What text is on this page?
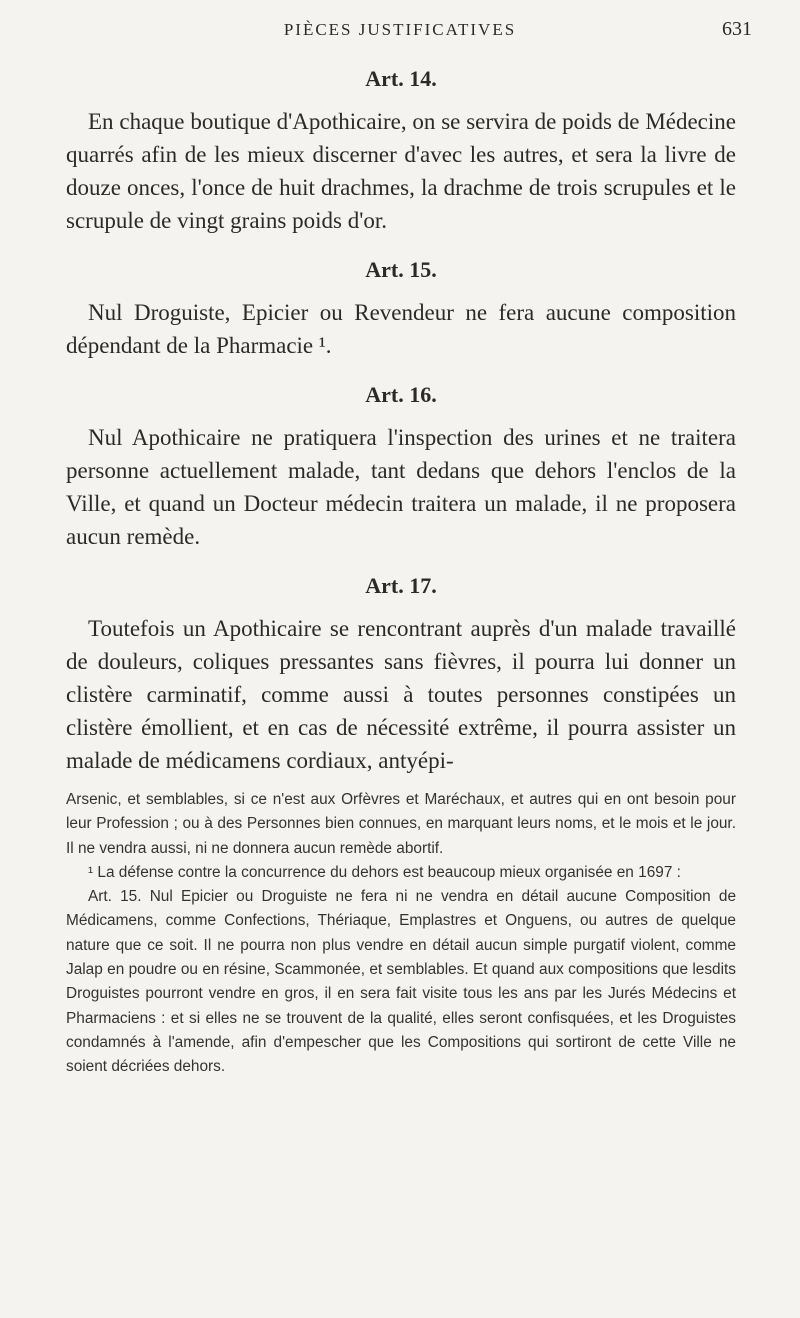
PIÈCES JUSTIFICATIVES	631
Art. 14.

En chaque boutique d'Apothicaire, on se servira de poids de Médecine quarrés afin de les mieux discerner d'avec les autres, et sera la livre de douze onces, l'once de huit drachmes, la drachme de trois scrupules et le scrupule de vingt grains poids d'or.

Art. 15.

Nul Droguiste, Epicier ou Revendeur ne fera aucune composition dépendant de la Pharmacie ¹.

Art. 16.

Nul Apothicaire ne pratiquera l'inspection des urines et ne traitera personne actuellement malade, tant dedans que dehors l'enclos de la Ville, et quand un Docteur médecin traitera un malade, il ne proposera aucun remède.

Art. 17.

Toutefois un Apothicaire se rencontrant auprès d'un malade travaillé de douleurs, coliques pressantes sans fièvres, il pourra lui donner un clistère carminatif, comme aussi à toutes personnes constipées un clistère émollient, et en cas de nécessité extrême, il pourra assister un malade de médicamens cordiaux, antyépi-

Arsenic, et semblables, si ce n'est aux Orfèvres et Maréchaux, et autres qui en ont besoin pour leur Profession ; ou à des Personnes bien connues, en marquant leurs noms, et le mois et le jour. Il ne vendra aussi, ni ne donnera aucun remède abortif.

¹ La défense contre la concurrence du dehors est beaucoup mieux organisée en 1697 :

Art. 15. Nul Epicier ou Droguiste ne fera ni ne vendra en détail aucune Composition de Médicamens, comme Confections, Thériaque, Emplastres et Onguens, ou autres de quelque nature que ce soit. Il ne pourra non plus vendre en détail aucun simple purgatif violent, comme Jalap en poudre ou en résine, Scammonée, et semblables. Et quand aux compositions que lesdits Droguistes pourront vendre en gros, il en sera fait visite tous les ans par les Jurés Médecins et Pharmaciens : et si elles ne se trouvent de la qualité, elles seront confisquées, et les Droguistes condamnés à l'amende, afin d'empescher que les Compositions qui sortiront de cette Ville ne soient décriées dehors.
